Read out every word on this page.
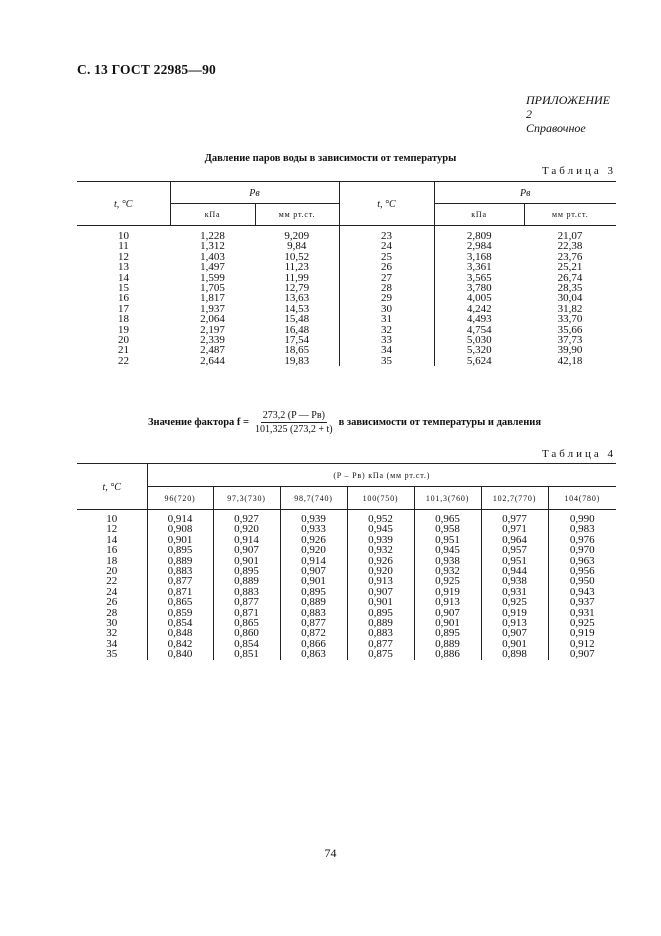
С. 13 ГОСТ 22985—90
ПРИЛОЖЕНИЕ 2
Справочное
Давление паров воды в зависимости от температуры
Таблица 3
t, °C	Pв		t, °C	Pв	
	кПа	мм рт.ст.		кПа	мм рт.ст.
10	1,228	9,209	23	2,809	21,07
11	1,312	9,84	24	2,984	22,38
12	1,403	10,52	25	3,168	23,76
13	1,497	11,23	26	3,361	25,21
14	1,599	11,99	27	3,565	26,74
15	1,705	12,79	28	3,780	28,35
16	1,817	13,63	29	4,005	30,04
17	1,937	14,53	30	4,242	31,82
18	2,064	15,48	31	4,493	33,70
19	2,197	16,48	32	4,754	35,66
20	2,339	17,54	33	5,030	37,73
21	2,487	18,65	34	5,320	39,90
22	2,644	19,83	35	5,624	42,18
Значение фактора $f = \frac{273,2 (P — Pв)}{101,325 (273,2 + t)}$ в зависимости от температуры и давления
Таблица 4
t, °C	(P – Pв) кПа (мм рт.ст.)						
	96(720)	97,3(730)	98,7(740)	100(750)	101,3(760)	102,7(770)	104(780)
10	0,914	0,927	0,939	0,952	0,965	0,977	0,990
12	0,908	0,920	0,933	0,945	0,958	0,971	0,983
14	0,901	0,914	0,926	0,939	0,951	0,964	0,976
16	0,895	0,907	0,920	0,932	0,945	0,957	0,970
18	0,889	0,901	0,914	0,926	0,938	0,951	0,963
20	0,883	0,895	0,907	0,920	0,932	0,944	0,956
22	0,877	0,889	0,901	0,913	0,925	0,938	0,950
24	0,871	0,883	0,895	0,907	0,919	0,931	0,943
26	0,865	0,877	0,889	0,901	0,913	0,925	0,937
28	0,859	0,871	0,883	0,895	0,907	0,919	0,931
30	0,854	0,865	0,877	0,889	0,901	0,913	0,925
32	0,848	0,860	0,872	0,883	0,895	0,907	0,919
34	0,842	0,854	0,866	0,877	0,889	0,901	0,912
35	0,840	0,851	0,863	0,875	0,886	0,898	0,907
74
